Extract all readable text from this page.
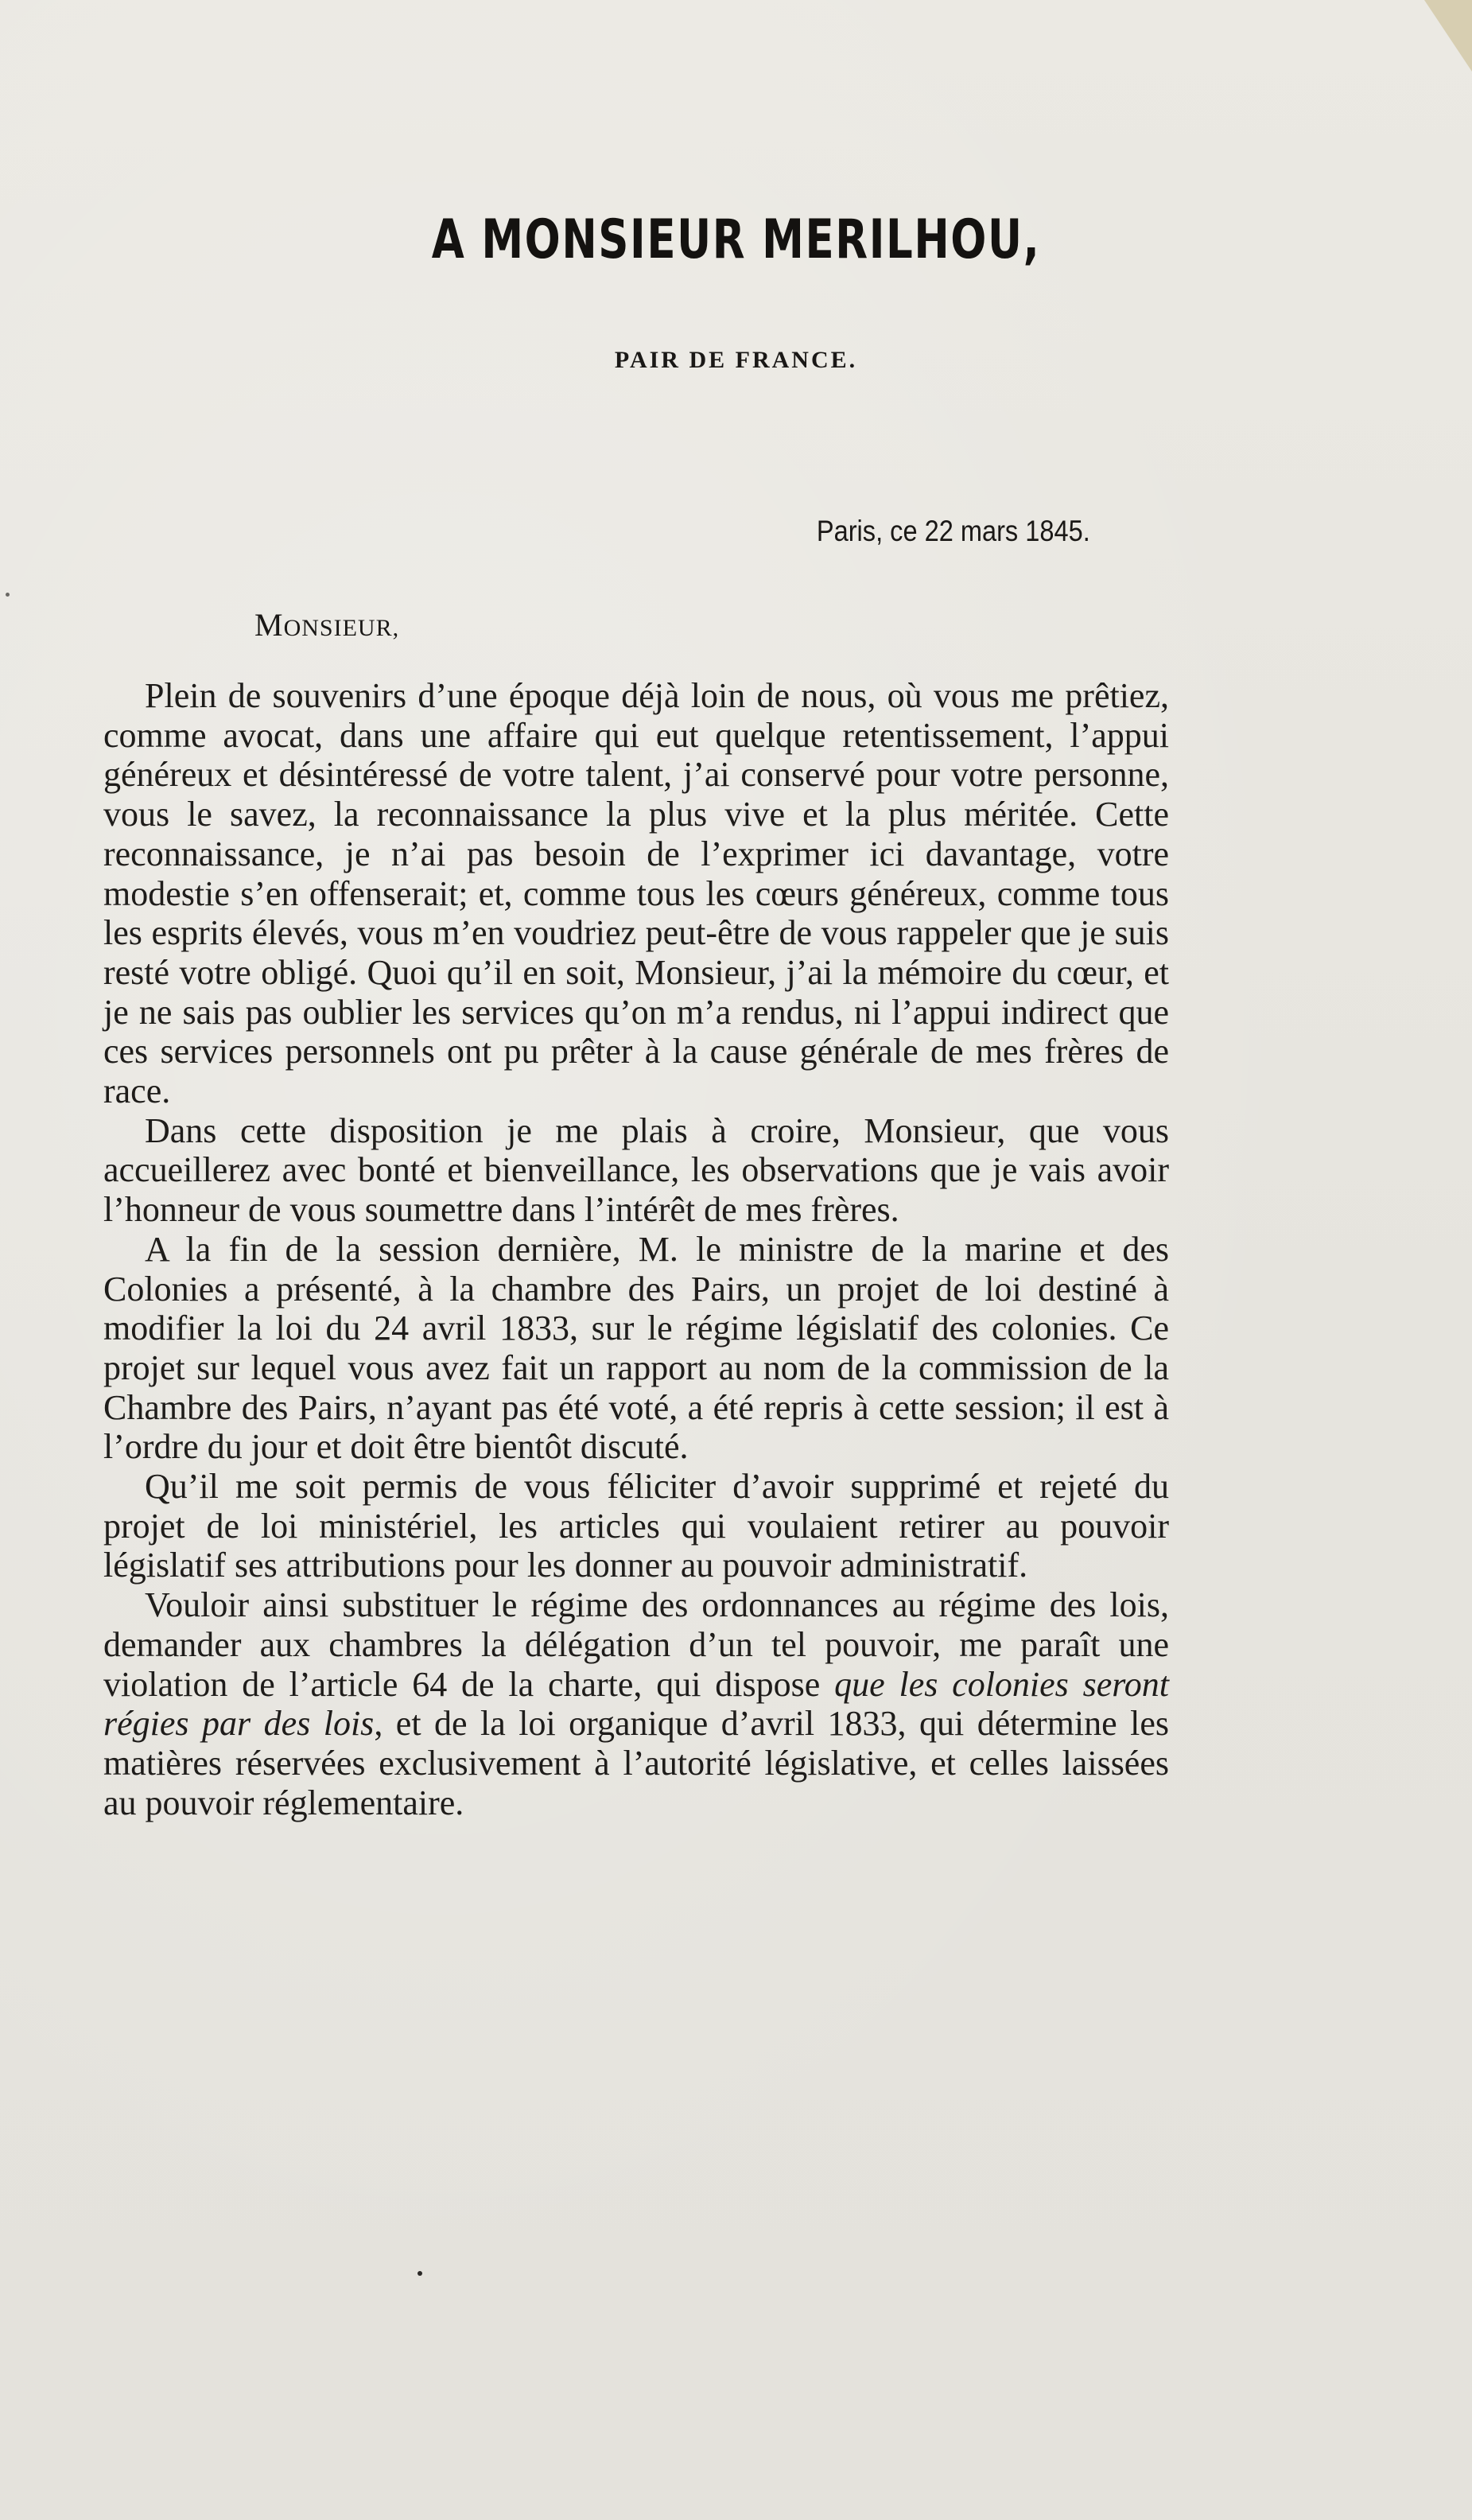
A MONSIEUR MERILHOU,
PAIR DE FRANCE.
Paris, ce 22 mars 1845.
MONSIEUR,

Plein de souvenirs d’une époque déjà loin de nous, où vous me prêtiez, comme avocat, dans une affaire qui eut quelque retentissement, l’appui généreux et désintéressé de votre talent, j’ai conservé pour votre personne, vous le savez, la reconnaissance la plus vive et la plus méritée. Cette reconnaissance, je n’ai pas besoin de l’exprimer ici davantage, votre modestie s’en offenserait; et, comme tous les cœurs généreux, comme tous les esprits élevés, vous m’en voudriez peut-être de vous rappeler que je suis resté votre obligé. Quoi qu’il en soit, Monsieur, j’ai la mémoire du cœur, et je ne sais pas oublier les services qu’on m’a rendus, ni l’appui indirect que ces services personnels ont pu prêter à la cause générale de mes frères de race.

Dans cette disposition je me plais à croire, Monsieur, que vous accueillerez avec bonté et bienveillance, les observations que je vais avoir l’honneur de vous soumettre dans l’intérêt de mes frères.

A la fin de la session dernière, M. le ministre de la marine et des Colonies a présenté, à la chambre des Pairs, un projet de loi destiné à modifier la loi du 24 avril 1833, sur le régime législatif des colonies. Ce projet sur lequel vous avez fait un rapport au nom de la commission de la Chambre des Pairs, n’ayant pas été voté, a été repris à cette session; il est à l’ordre du jour et doit être bientôt discuté.

Qu’il me soit permis de vous féliciter d’avoir supprimé et rejeté du projet de loi ministériel, les articles qui voulaient retirer au pouvoir législatif ses attributions pour les donner au pouvoir administratif.

Vouloir ainsi substituer le régime des ordonnances au régime des lois, demander aux chambres la délégation d’un tel pouvoir, me paraît une violation de l’article 64 de la charte, qui dispose que les colonies seront régies par des lois, et de la loi organique d’avril 1833, qui détermine les matières réservées exclusivement à l’autorité législative, et celles laissées au pouvoir réglementaire.
